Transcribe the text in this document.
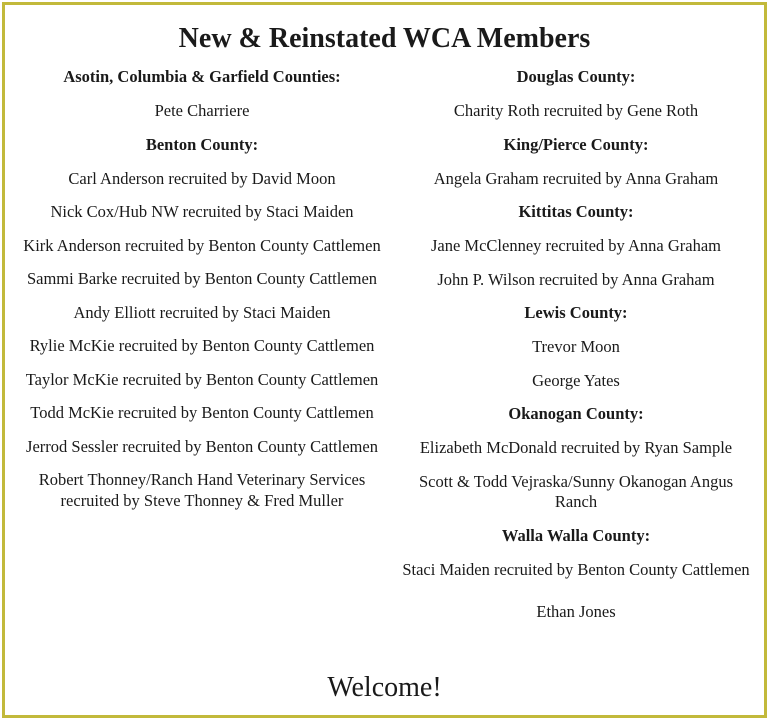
New & Reinstated WCA Members
Asotin, Columbia & Garfield Counties:
Pete Charriere
Benton County:
Carl Anderson recruited by David Moon
Nick Cox/Hub NW recruited by Staci Maiden
Kirk Anderson recruited by Benton County Cattlemen
Sammi Barke recruited by Benton County Cattlemen
Andy Elliott recruited by Staci Maiden
Rylie McKie recruited by Benton County Cattlemen
Taylor McKie recruited by Benton County Cattlemen
Todd McKie recruited by Benton County Cattlemen
Jerrod Sessler recruited by Benton County Cattlemen
Robert Thonney/Ranch Hand Veterinary Services recruited by Steve Thonney & Fred Muller
Douglas County:
Charity Roth recruited by Gene Roth
King/Pierce County:
Angela Graham recruited by Anna Graham
Kittitas County:
Jane McClenney recruited by Anna Graham
John P. Wilson recruited by Anna Graham
Lewis County:
Trevor Moon
George Yates
Okanogan County:
Elizabeth McDonald recruited by Ryan Sample
Scott & Todd Vejraska/Sunny Okanogan Angus Ranch
Walla Walla County:
Staci Maiden recruited by Benton County Cattlemen
Ethan Jones
Welcome!
